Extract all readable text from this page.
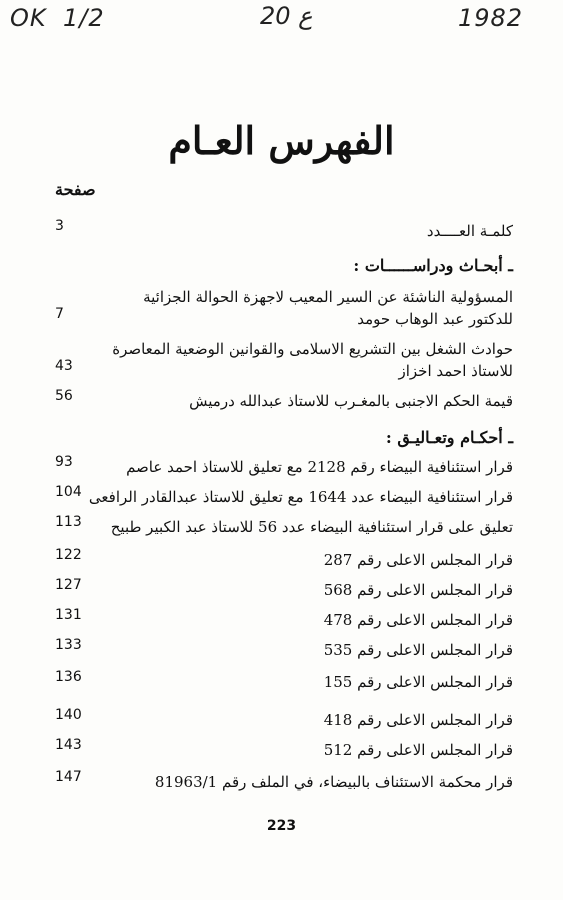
OK 1/2	ع 20	1982
الفهرس العـام
صفحة
كلمـة العــــدد
3
ـ أبحـاث ودراســــــات :
المسؤولية الناشئة عن السير المعيب لاجهزة الحوالة الجزائية
للدكتور عبد الوهاب حومد
7
حوادث الشغل بين التشريع الاسلامى والقوانين الوضعية المعاصرة
للاستاذ احمد اخزاز
43
قيمة الحكم الاجنبى بالمغـرب للاستاذ عبدالله درميش
56
ـ أحكـام وتعـاليـق :
قرار استئنافية البيضاء رقم 2128 مع تعليق للاستاذ احمد عاصم
93
قرار استئنافية البيضاء عدد 1644 مع تعليق للاستاذ عبدالقادر الرافعى
104
تعليق على قرار استئنافية البيضاء عدد 56 للاستاذ عبد الكبير طبيح
113
قرار المجلس الاعلى رقم 287
122
قرار المجلس الاعلى رقم 568
127
قرار المجلس الاعلى رقم 478
131
قرار المجلس الاعلى رقم 535
133
قرار المجلس الاعلى رقم 155
136
قرار المجلس الاعلى رقم 418
140
قرار المجلس الاعلى رقم 512
143
قرار محكمة الاستئناف بالبيضاء، في الملف رقم 81963/1
147
223
